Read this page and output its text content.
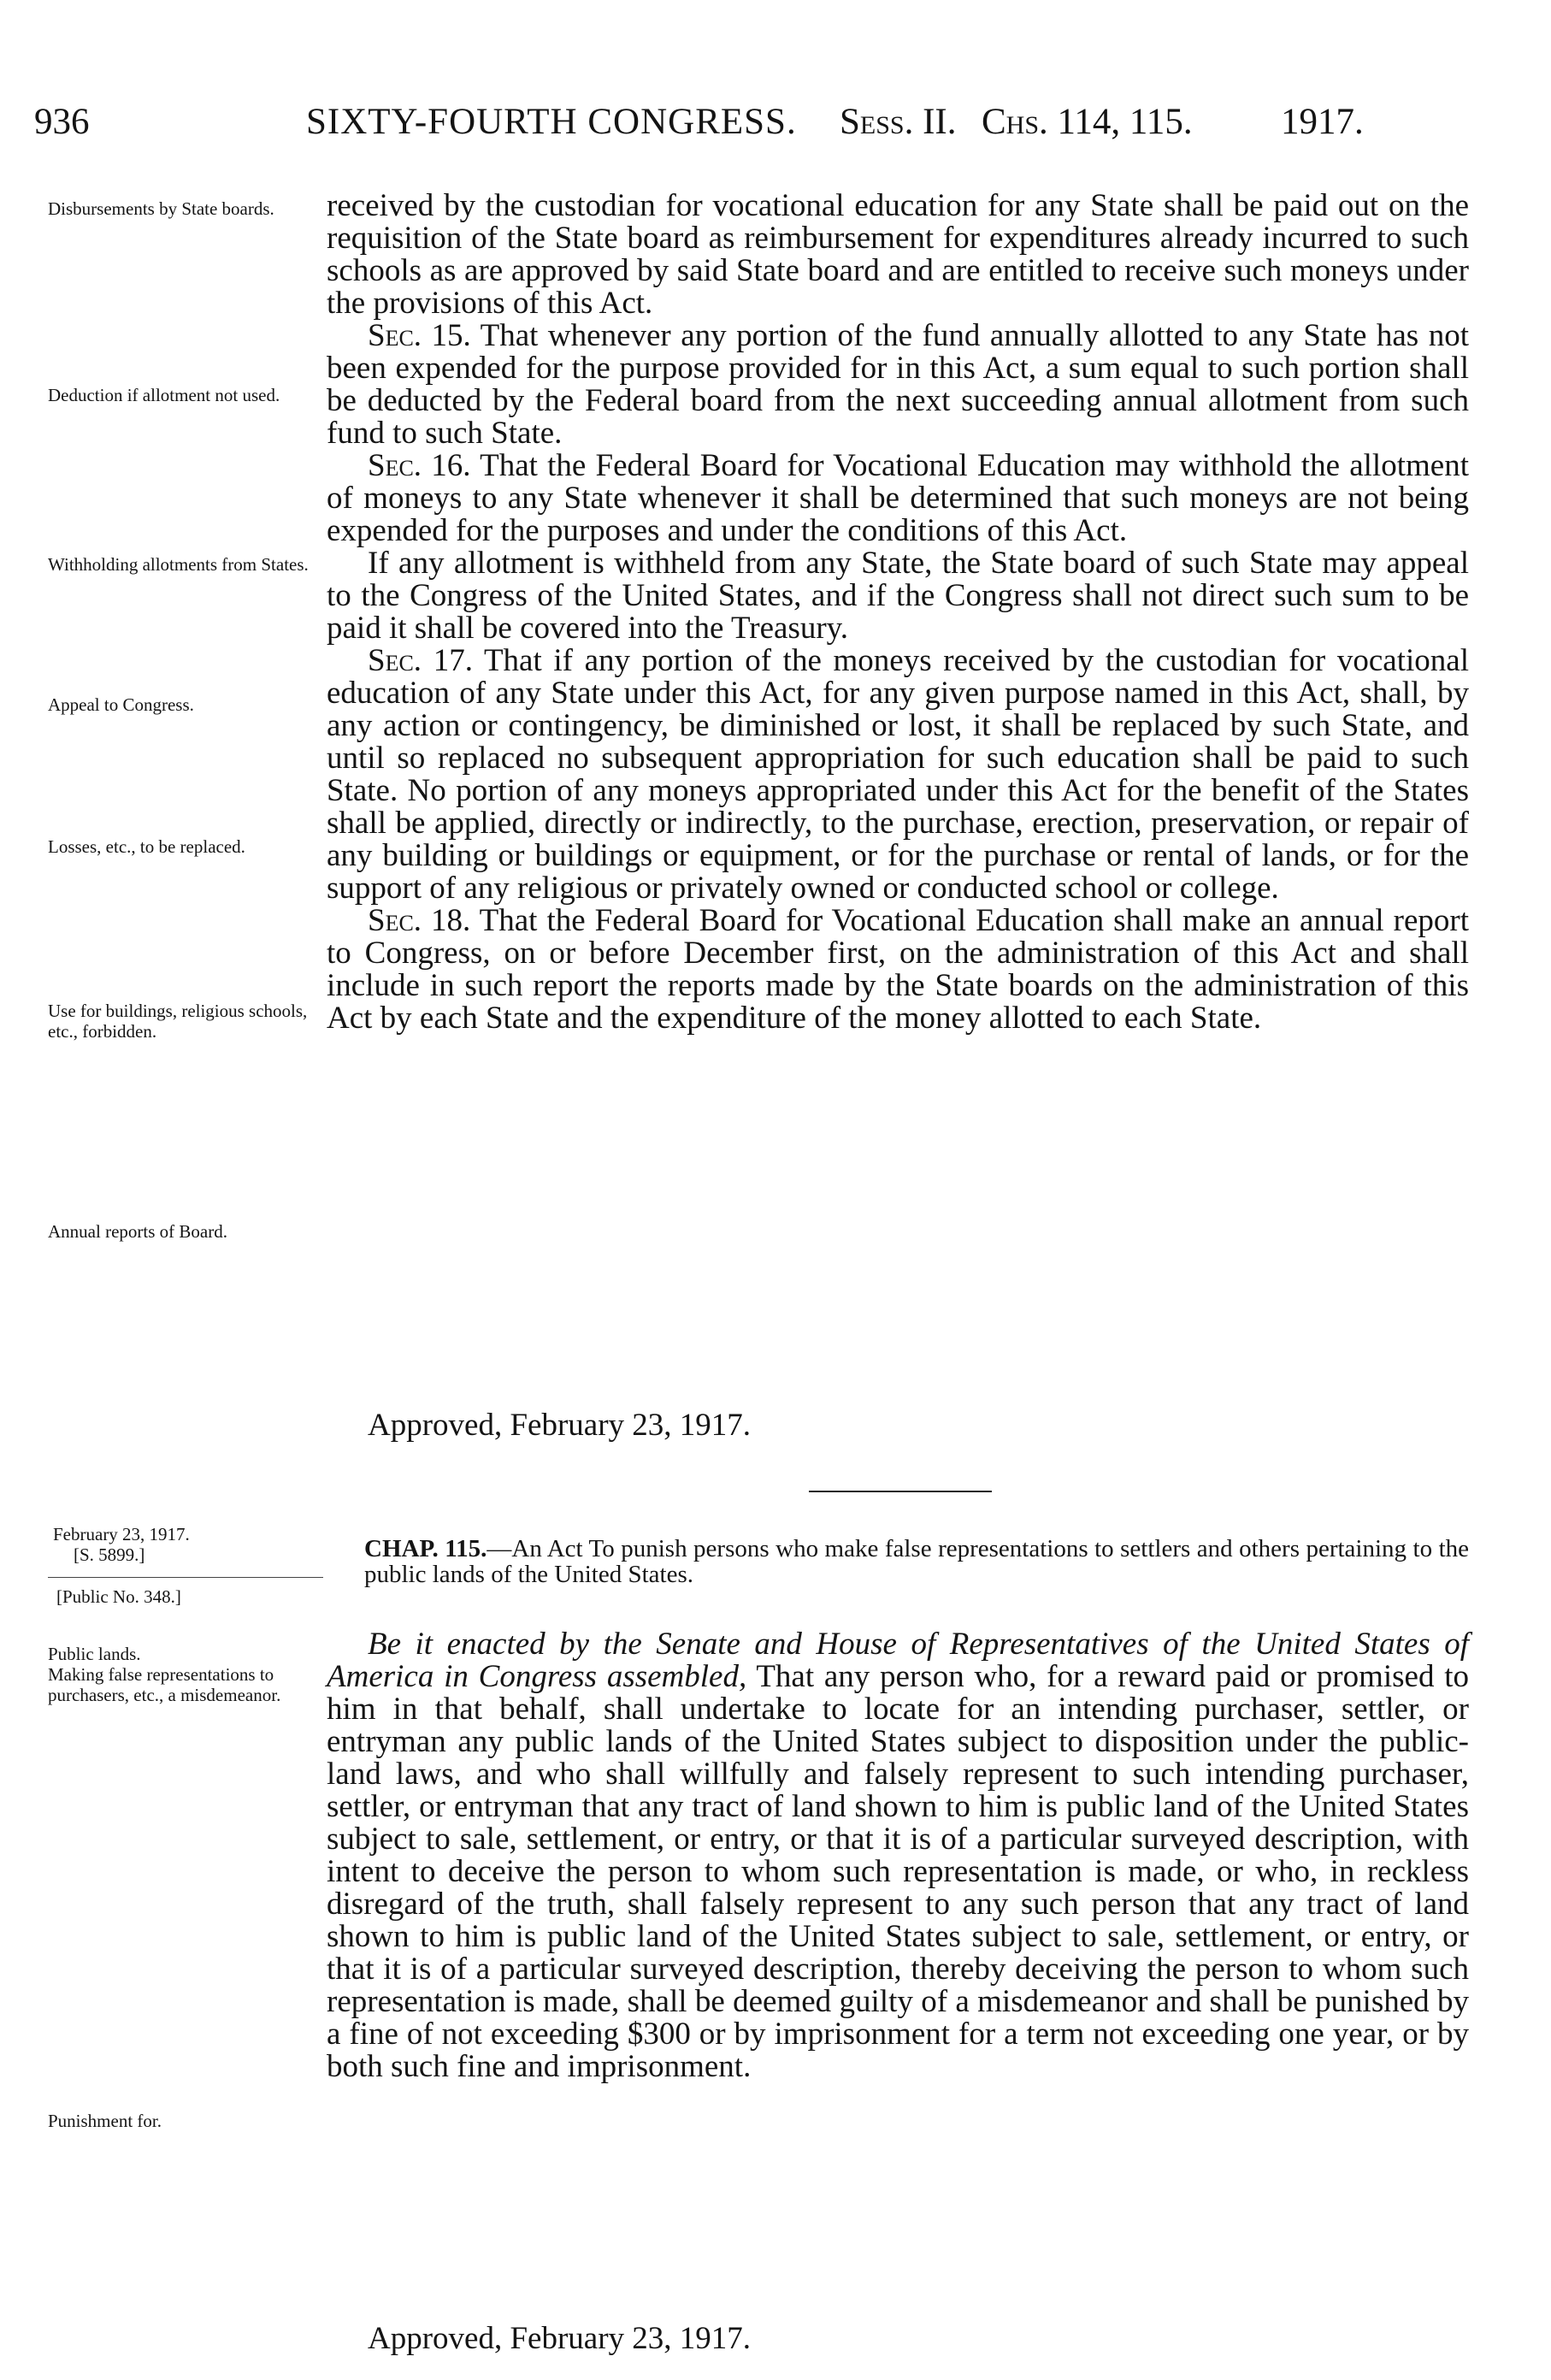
936	SIXTY-FOURTH CONGRESS. Sess. II. Chs. 114, 115. 1917.
Disbursements by State boards.
Deduction if allotment not used.
Withholding allotments from States.
Appeal to Congress.
Losses, etc., to be replaced.
Use for buildings, religious schools, etc., forbidden.
Annual reports of Board.

received by the custodian for vocational education for any State shall be paid out on the requisition of the State board as reimbursement for expenditures already incurred to such schools as are approved by said State board and are entitled to receive such moneys under the provisions of this Act.

Sec. 15. That whenever any portion of the fund annually allotted to any State has not been expended for the purpose provided for in this Act, a sum equal to such portion shall be deducted by the Federal board from the next succeeding annual allotment from such fund to such State.

Sec. 16. That the Federal Board for Vocational Education may withhold the allotment of moneys to any State whenever it shall be determined that such moneys are not being expended for the purposes and under the conditions of this Act.

If any allotment is withheld from any State, the State board of such State may appeal to the Congress of the United States, and if the Congress shall not direct such sum to be paid it shall be covered into the Treasury.

Sec. 17. That if any portion of the moneys received by the custodian for vocational education of any State under this Act, for any given purpose named in this Act, shall, by any action or contingency, be diminished or lost, it shall be replaced by such State, and until so replaced no subsequent appropriation for such education shall be paid to such State. No portion of any moneys appropriated under this Act for the benefit of the States shall be applied, directly or indirectly, to the purchase, erection, preservation, or repair of any building or buildings or equipment, or for the purchase or rental of lands, or for the support of any religious or privately owned or conducted school or college.

Sec. 18. That the Federal Board for Vocational Education shall make an annual report to Congress, on or before December first, on the administration of this Act and shall include in such report the reports made by the State boards on the administration of this Act by each State and the expenditure of the money allotted to each State.

Approved, February 23, 1917.
February 23, 1917.
[S. 5899.]
[Public No. 348.]
CHAP. 115.—An Act To punish persons who make false representations to settlers and others pertaining to the public lands of the United States.
Public lands.
Making false representations to purchasers, etc., a misdemeanor.
Punishment for.

Be it enacted by the Senate and House of Representatives of the United States of America in Congress assembled, That any person who, for a reward paid or promised to him in that behalf, shall undertake to locate for an intending purchaser, settler, or entryman any public lands of the United States subject to disposition under the public-land laws, and who shall willfully and falsely represent to such intending purchaser, settler, or entryman that any tract of land shown to him is public land of the United States subject to sale, settlement, or entry, or that it is of a particular surveyed description, with intent to deceive the person to whom such representation is made, or who, in reckless disregard of the truth, shall falsely represent to any such person that any tract of land shown to him is public land of the United States subject to sale, settlement, or entry, or that it is of a particular surveyed description, thereby deceiving the person to whom such representation is made, shall be deemed guilty of a misdemeanor and shall be punished by a fine of not exceeding $300 or by imprisonment for a term not exceeding one year, or by both such fine and imprisonment.

Approved, February 23, 1917.
